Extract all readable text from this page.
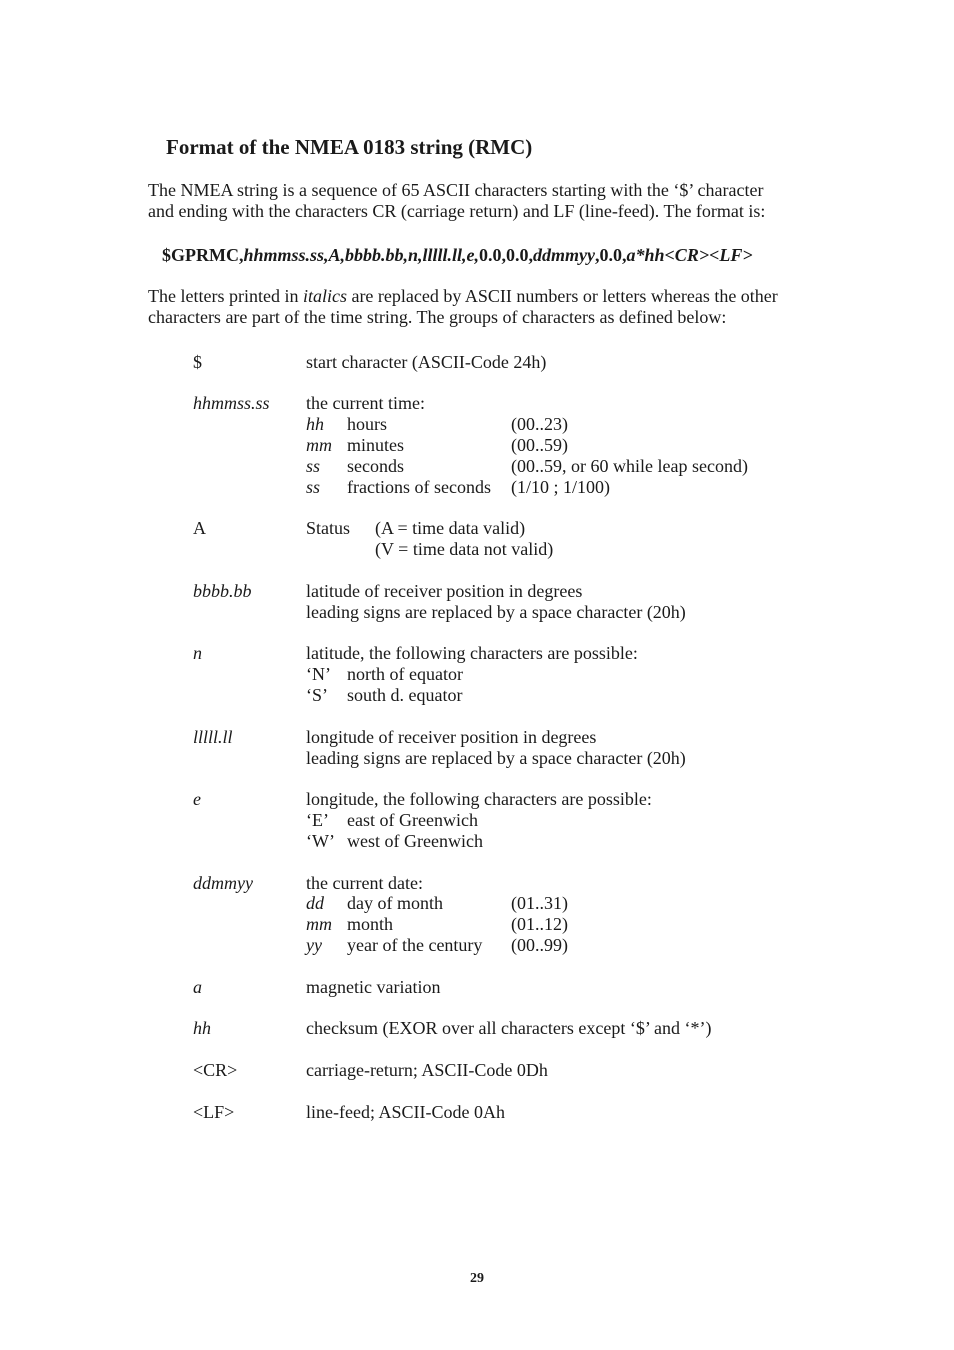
Format of the NMEA 0183 string (RMC)
The NMEA string is a sequence of 65 ASCII characters starting with the ‘$’ character
and ending with the characters CR (carriage return) and LF (line-feed). The format is:
$GPRMC,hhmmss.ss,A,bbbb.bb,n,lllll.ll,e,0.0,0.0,ddmmyy,0.0,a*hh<CR><LF>
The letters printed in italics are replaced by ASCII numbers or letters whereas the other
characters are part of the time string. The groups of characters as defined below:
$	start character (ASCII-Code 24h)
hhmmss.ss the current time:
hh hours	(00..23)
mm minutes	(00..59)
ss seconds	(00..59, or 60 while leap second)
ss fractions of seconds (1/10 ; 1/100)
A	Status (A = time data valid)
(V = time data not valid)
bbbb.bb	latitude of receiver position in degrees
leading signs are replaced by a space character (20h)
n	latitude, the following characters are possible:
‘N’ north of equator
‘S’ south d. equator
lllll.ll	longitude of receiver position in degrees
leading signs are replaced by a space character (20h)
e	longitude, the following characters are possible:
‘E’ east of Greenwich
‘W’ west of Greenwich
ddmmyy	the current date:
dd day of month	(01..31)
mm month	(01..12)
yy year of the century (00..99)
a	magnetic variation
hh	checksum (EXOR over all characters except ‘$’ and ‘*’)
<CR>	carriage-return; ASCII-Code 0Dh
<LF>	line-feed; ASCII-Code 0Ah
29
